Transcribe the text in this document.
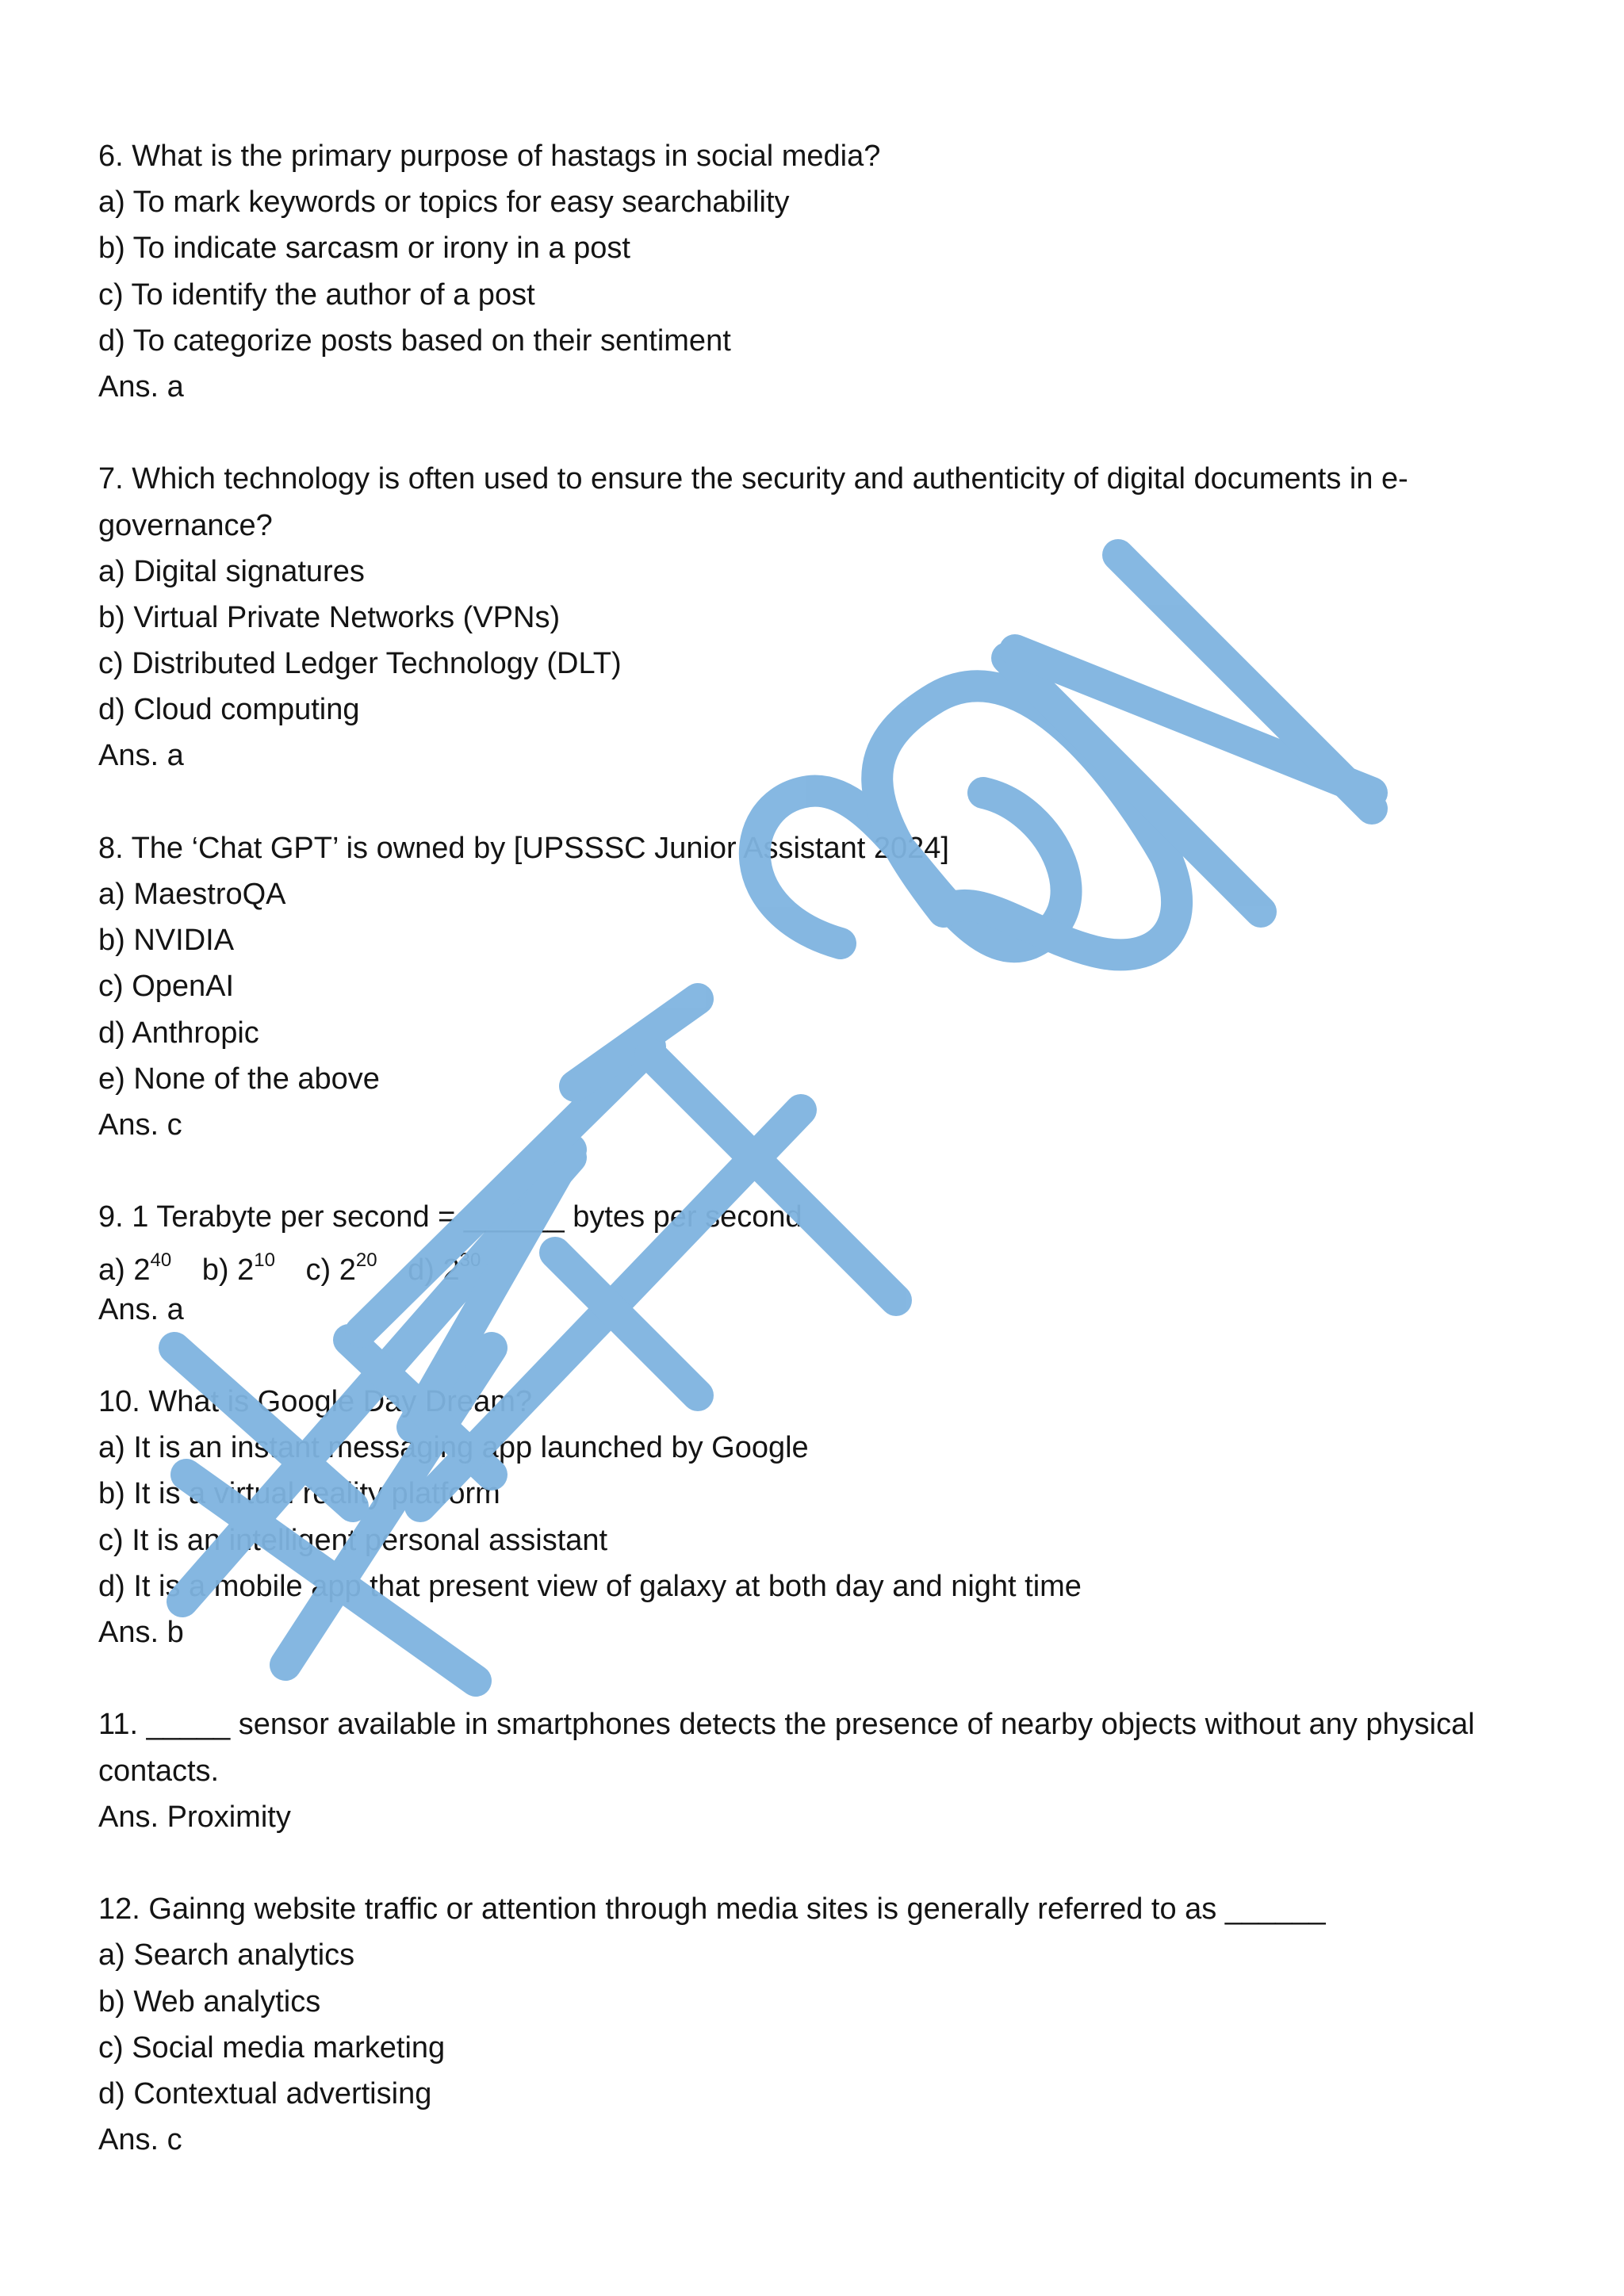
6. What is the primary purpose of hastags in social media?
a) To mark keywords or topics for easy searchability
b) To indicate sarcasm or irony in a post
c) To identify the author of a post
d) To categorize posts based on their sentiment
Ans. a
7. Which technology is often used to ensure the security and authenticity of digital documents in e-
governance?
a) Digital signatures
b) Virtual Private Networks (VPNs)
c) Distributed Ledger Technology (DLT)
d) Cloud computing
Ans. a
8. The ‘Chat GPT’ is owned by [UPSSSC Junior Assistant 2024]
a) MaestroQA
b) NVIDIA
c) OpenAI
d) Anthropic
e) None of the above
Ans. c
9. 1 Terabyte per second = ______ bytes per second
a) $2^{40}$ b) $2^{10}$ c) $2^{20}$ d) $2^{30}$
Ans. a
10. What is Google Day Dream?
a) It is an instant messaging app launched by Google
b) It is a virtual reality platform
c) It is an intelligent personal assistant
d) It is a mobile app that present view of galaxy at both day and night time
Ans. b
11. _____ sensor available in smartphones detects the presence of nearby objects without any physical
contacts.
Ans. Proximity
12. Gainng website traffic or attention through media sites is generally referred to as ______
a) Search analytics
b) Web analytics
c) Social media marketing
d) Contextual advertising
Ans. c
